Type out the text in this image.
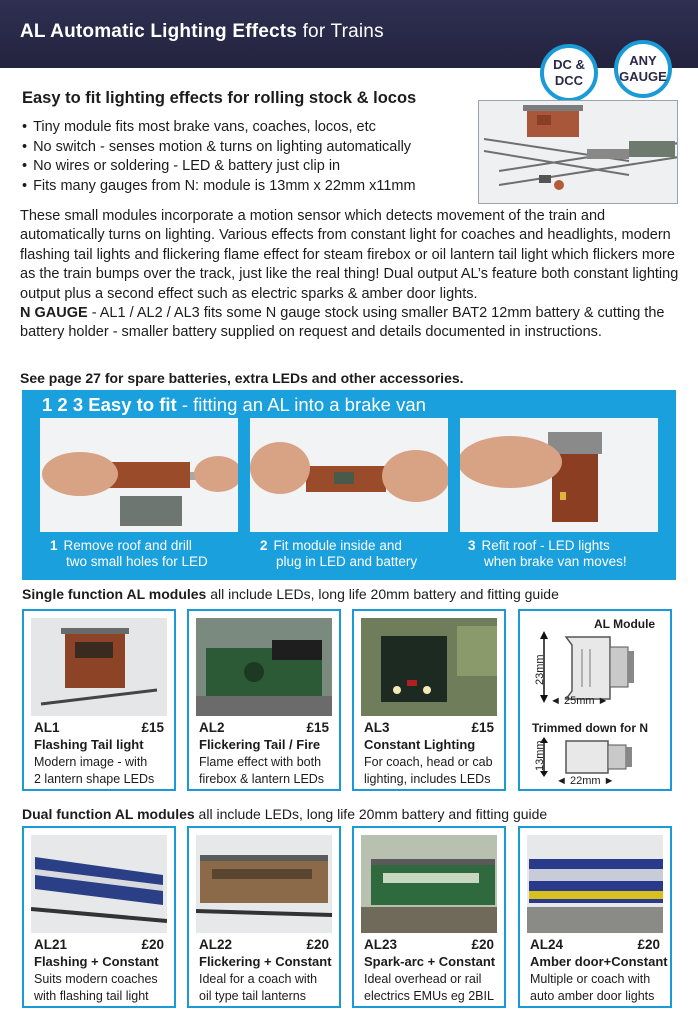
AL Automatic Lighting Effects for Trains
DC &
DCC
ANY
GAUGE
Easy to fit lighting effects for rolling stock & locos
• Tiny module fits most brake vans, coaches, locos, etc
• No switch - senses motion & turns on lighting automatically
• No wires or soldering - LED & battery just clip in
• Fits many gauges from N: module is 13mm x 22mm x11mm
These small modules incorporate a motion sensor which detects movement of the train and automatically turns on lighting. Various effects from constant light for coaches and headlights, modern flashing tail lights and flickering flame effect for steam firebox or oil lantern tail light which flickers more as the train bumps over the track, just like the real thing! Dual output AL’s feature both constant lighting output plus a second effect such as electric sparks & amber door lights.
N GAUGE - AL1 / AL2 / AL3 fits some N gauge stock using smaller BAT2 12mm battery & cutting the battery holder - smaller battery supplied on request and details documented in instructions.
See page 27 for spare batteries, extra LEDs and other accessories.
1 2 3 Easy to fit - fitting an AL into a brake van
1 Remove roof and drill
two small holes for LED
2 Fit module inside and
plug in LED and battery
3 Refit roof - LED lights
when brake van moves!
Single function AL modules all include LEDs, long life 20mm battery and fitting guide
AL1	£15
Flashing Tail light
Modern image - with
2 lantern shape LEDs
AL2	£15
Flickering Tail / Fire
Flame effect with both
firebox & lantern LEDs
AL3	£15
Constant Lighting
For coach, head or cab
lighting, includes LEDs
AL Module
23mm
◄ 25mm ►
Trimmed down for N
13mm
◄ 22mm ►
Dual function AL modules all include LEDs, long life 20mm battery and fitting guide
AL21	£20
Flashing + Constant
Suits modern coaches
with flashing tail light
AL22	£20
Flickering + Constant
Ideal for a coach with
oil type tail lanterns
AL23	£20
Spark-arc + Constant
Ideal overhead or rail
electrics EMUs eg 2BIL
AL24	£20
Amber door+Constant
Multiple or coach with
auto amber door lights
